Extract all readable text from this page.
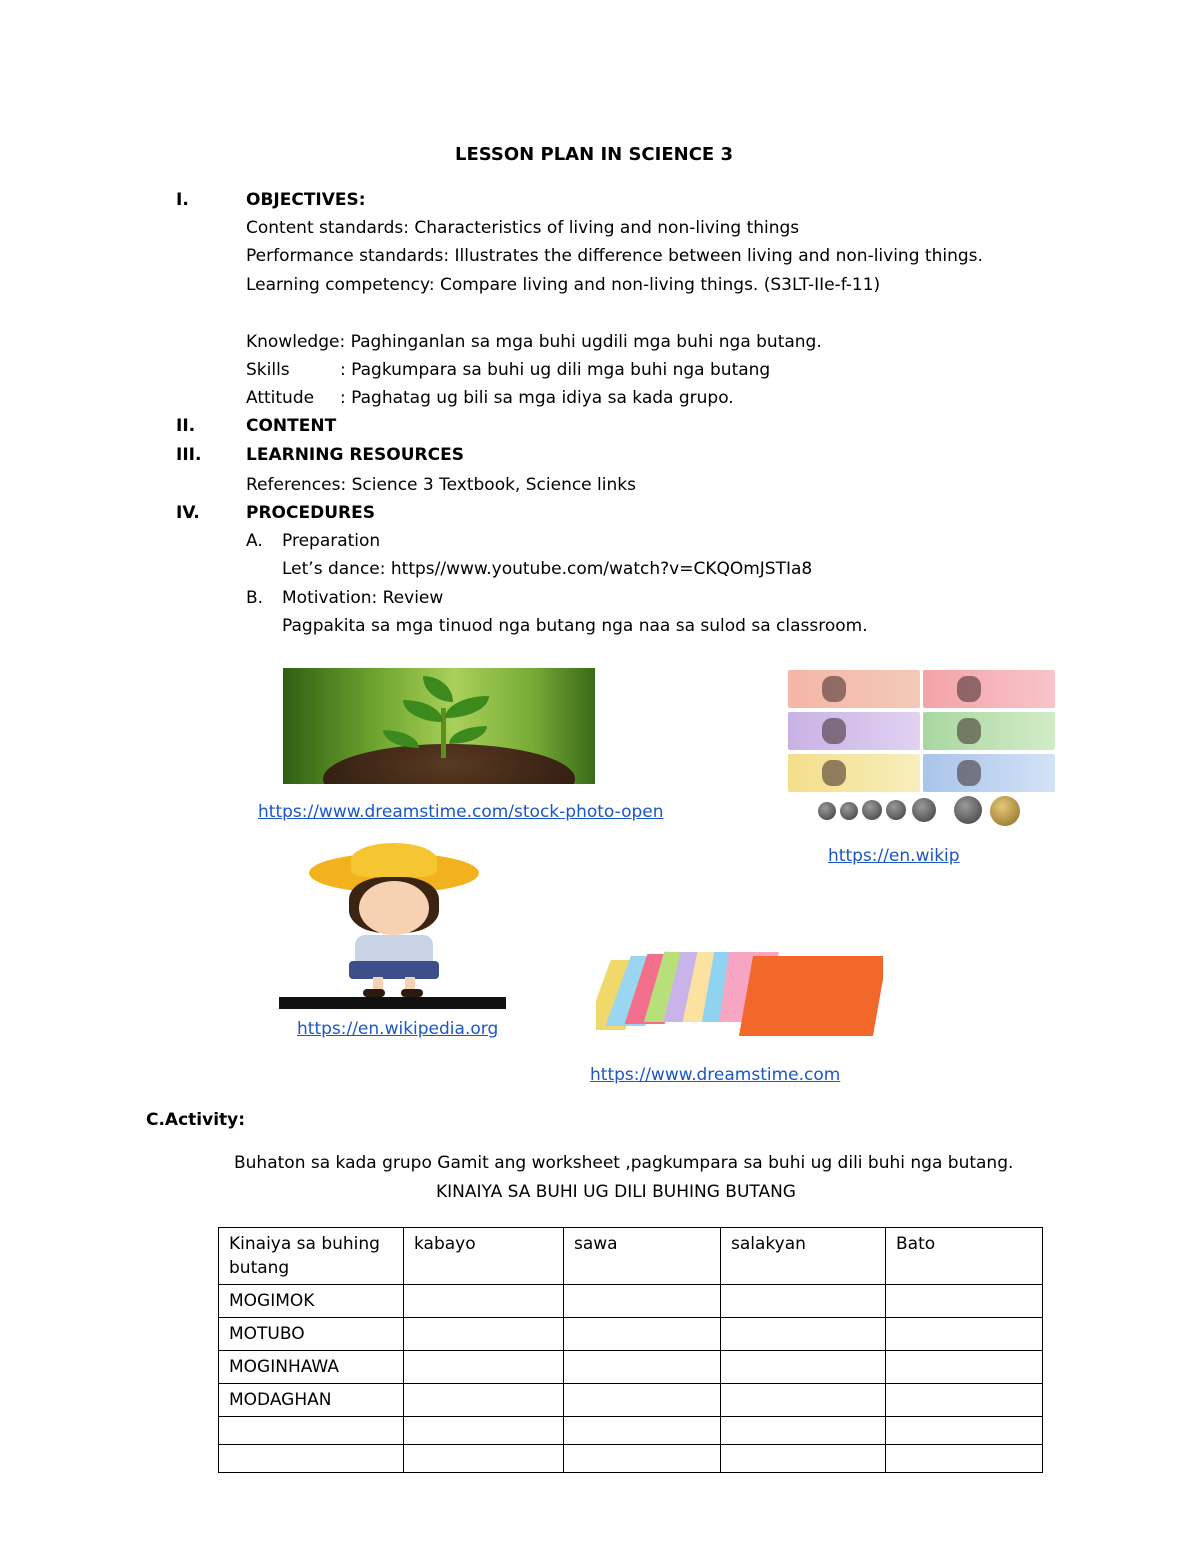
LESSON PLAN IN SCIENCE 3
I.	OBJECTIVES:
Content standards: Characteristics of living and non-living things
Performance standards: Illustrates the difference between living and non-living things.
Learning competency: Compare living and non-living things. (S3LT-IIe-f-11)
Knowledge: Paghinganlan sa mga buhi ugdili mga buhi nga butang.
Skills	: Pagkumpara sa buhi ug dili mga buhi nga butang
Attitude : Paghatag ug bili sa mga idiya sa kada grupo.
II.	CONTENT
III.	LEARNING RESOURCES
References: Science 3 Textbook, Science links
IV.	PROCEDURES
A. Preparation
Let’s dance: https//www.youtube.com/watch?v=CKQOmJSTIa8
B. Motivation: Review
Pagpakita sa mga tinuod nga butang nga naa sa sulod sa classroom.
https://www.dreamstime.com/stock-photo-open
https://en.wikip
https://en.wikipedia.org
https://www.dreamstime.com
C.Activity:
Buhaton sa kada grupo Gamit ang worksheet ,pagkumpara sa buhi ug dili buhi nga butang.
KINAIYA SA BUHI UG DILI BUHING BUTANG
Kinaiya sa buhing butang	kabayo	sawa	salakyan	Bato
MOGIMOK				
MOTUBO				
MOGINHAWA				
MODAGHAN				
